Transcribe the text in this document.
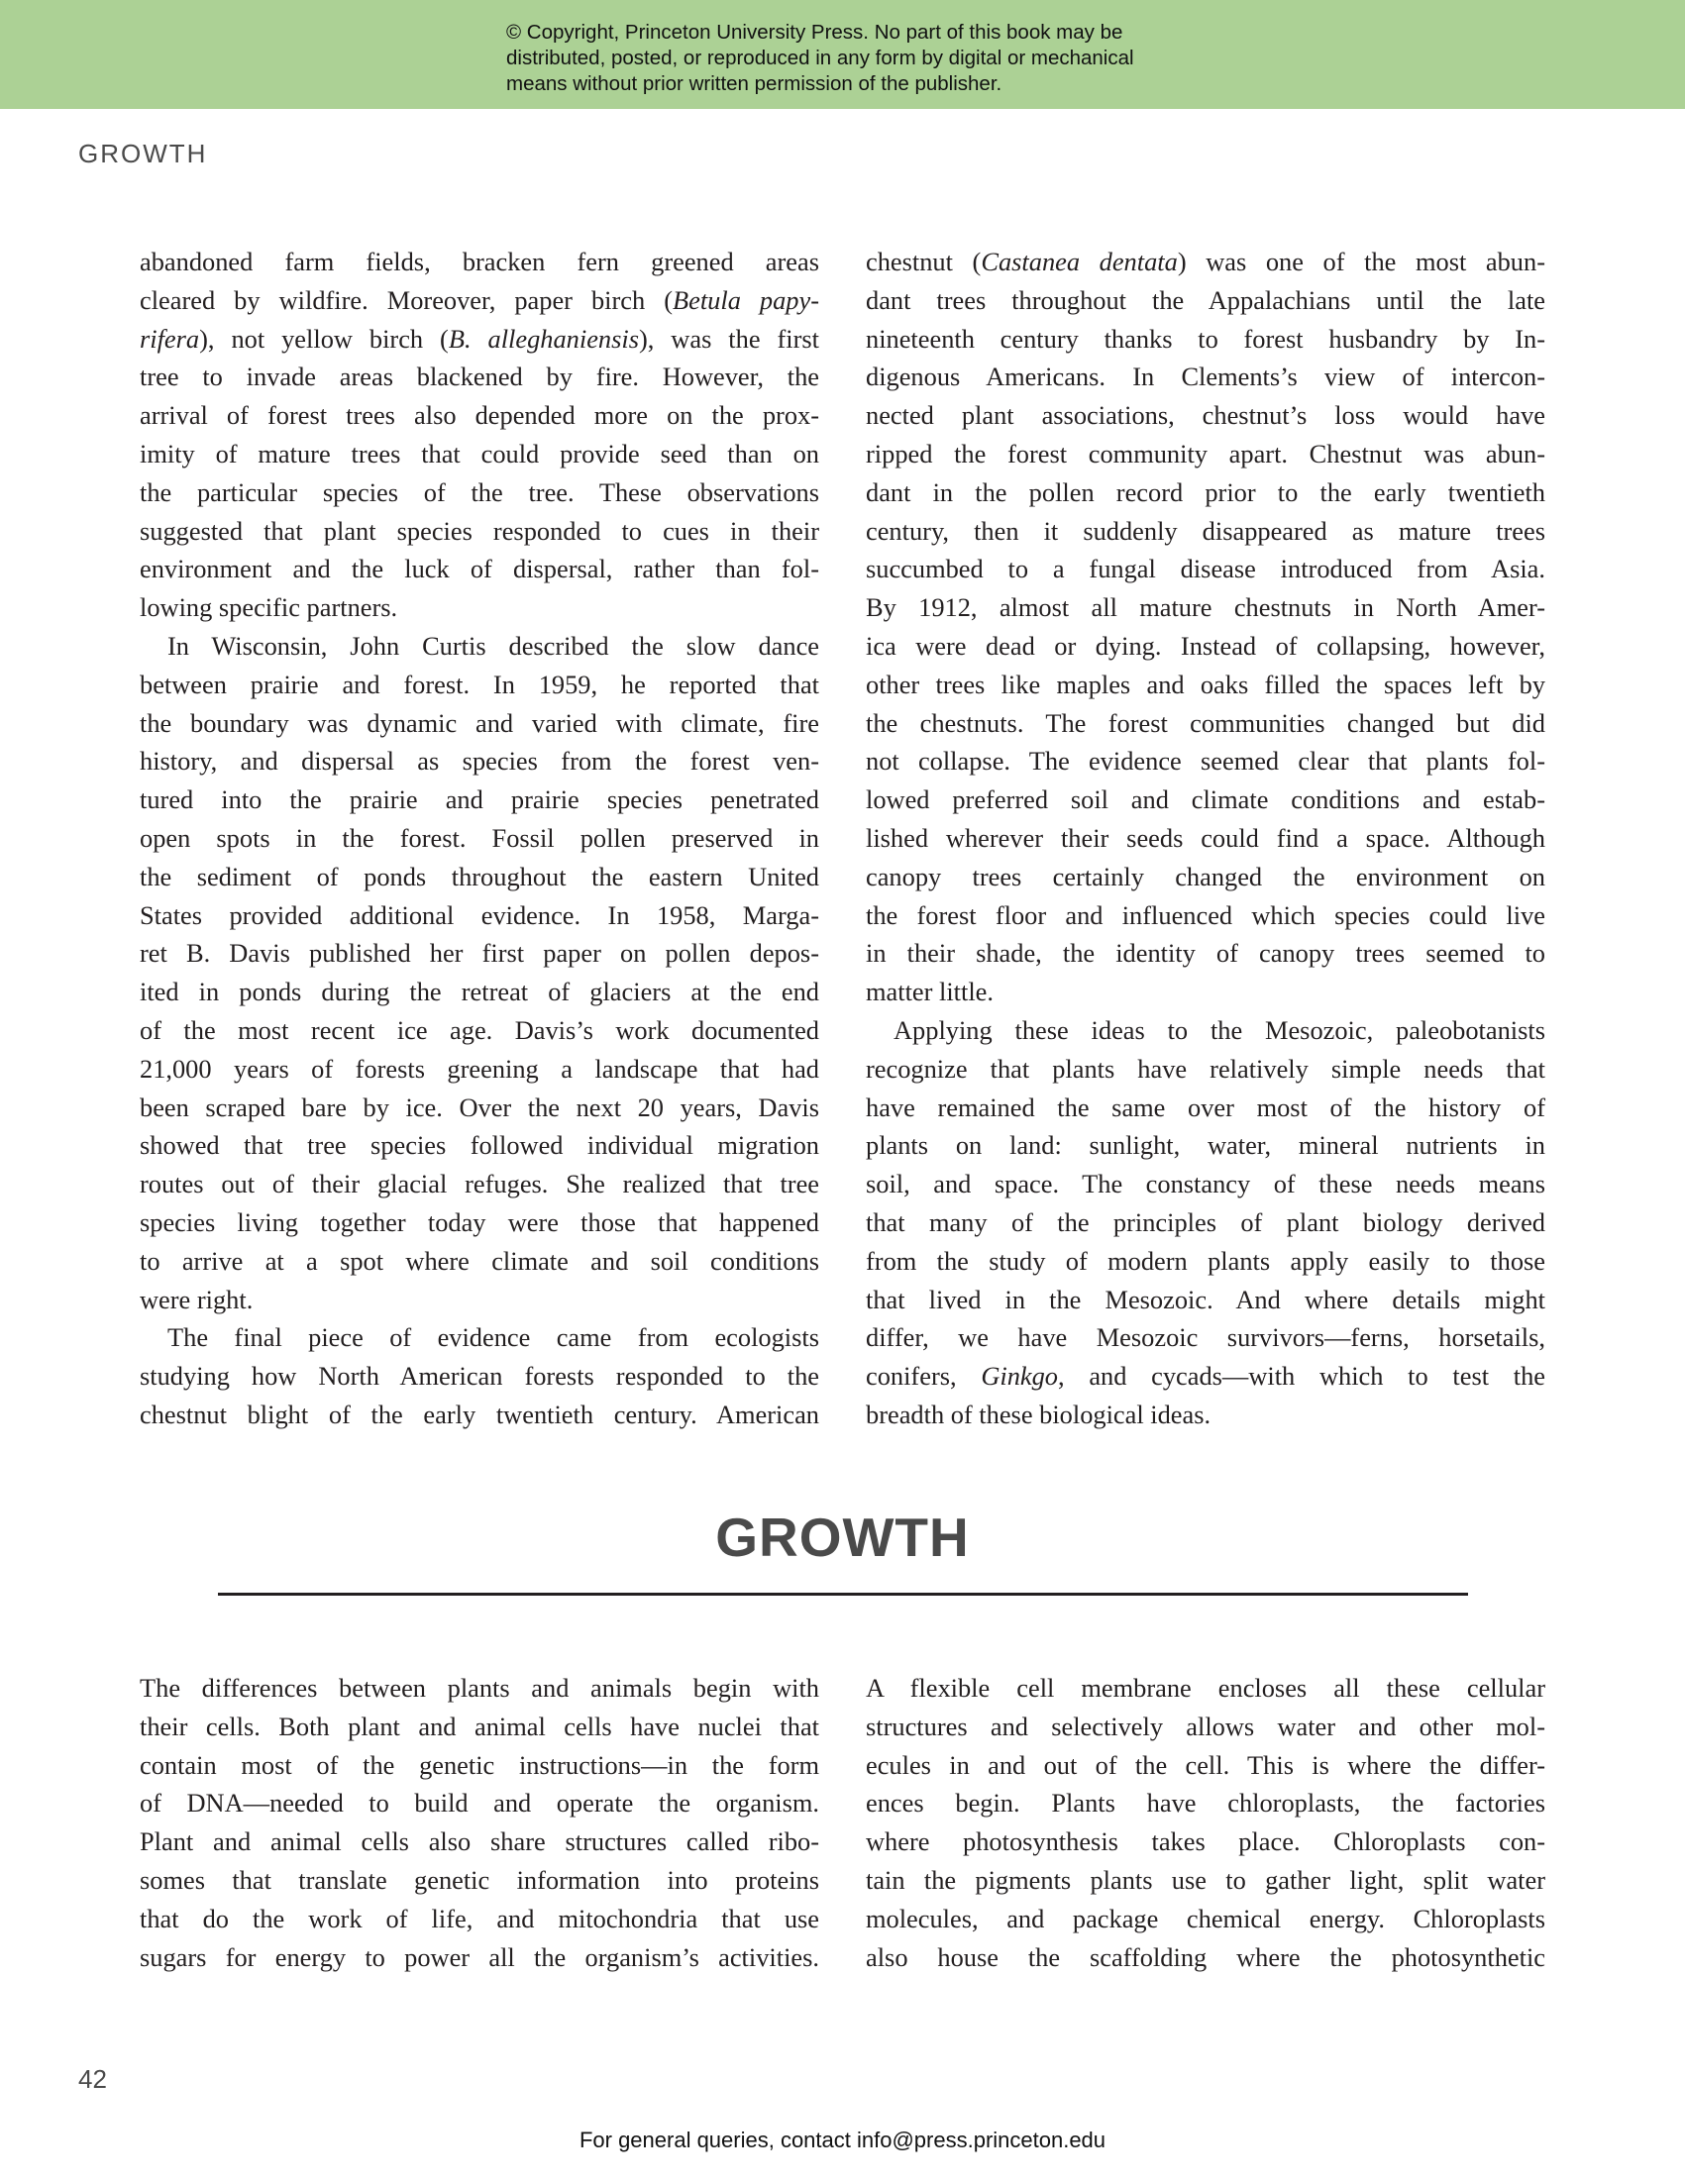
© Copyright, Princeton University Press. No part of this book may be
distributed, posted, or reproduced in any form by digital or mechanical
means without prior written permission of the publisher.
GROWTH

abandoned farm fields, bracken fern greened areas
cleared by wildfire. Moreover, paper birch (Betula papy-
rifera), not yellow birch (B. alleghaniensis), was the first
tree to invade areas blackened by fire. However, the
arrival of forest trees also depended more on the prox-
imity of mature trees that could provide seed than on
the particular species of the tree. These observations
suggested that plant species responded to cues in their
environment and the luck of dispersal, rather than fol-
lowing specific partners.

In Wisconsin, John Curtis described the slow dance
between prairie and forest. In 1959, he reported that
the boundary was dynamic and varied with climate, fire
history, and dispersal as species from the forest ven-
tured into the prairie and prairie species penetrated
open spots in the forest. Fossil pollen preserved in
the sediment of ponds throughout the eastern United
States provided additional evidence. In 1958, Marga-
ret B. Davis published her first paper on pollen depos-
ited in ponds during the retreat of glaciers at the end
of the most recent ice age. Davis’s work documented
21,000 years of forests greening a landscape that had
been scraped bare by ice. Over the next 20 years, Davis
showed that tree species followed individual migration
routes out of their glacial refuges. She realized that tree
species living together today were those that happened
to arrive at a spot where climate and soil conditions
were right.

The final piece of evidence came from ecologists
studying how North American forests responded to the
chestnut blight of the early twentieth century. American

chestnut (Castanea dentata) was one of the most abun-
dant trees throughout the Appalachians until the late
nineteenth century thanks to forest husbandry by In-
digenous Americans. In Clements’s view of intercon-
nected plant associations, chestnut’s loss would have
ripped the forest community apart. Chestnut was abun-
dant in the pollen record prior to the early twentieth
century, then it suddenly disappeared as mature trees
succumbed to a fungal disease introduced from Asia.
By 1912, almost all mature chestnuts in North Amer-
ica were dead or dying. Instead of collapsing, however,
other trees like maples and oaks filled the spaces left by
the chestnuts. The forest communities changed but did
not collapse. The evidence seemed clear that plants fol-
lowed preferred soil and climate conditions and estab-
lished wherever their seeds could find a space. Although
canopy trees certainly changed the environment on
the forest floor and influenced which species could live
in their shade, the identity of canopy trees seemed to
matter little.

Applying these ideas to the Mesozoic, paleobotanists
recognize that plants have relatively simple needs that
have remained the same over most of the history of
plants on land: sunlight, water, mineral nutrients in
soil, and space. The constancy of these needs means
that many of the principles of plant biology derived
from the study of modern plants apply easily to those
that lived in the Mesozoic. And where details might
differ, we have Mesozoic survivors—ferns, horsetails,
conifers, Ginkgo, and cycads—with which to test the
breadth of these biological ideas.

GROWTH

The differences between plants and animals begin with
their cells. Both plant and animal cells have nuclei that
contain most of the genetic instructions—in the form
of DNA—needed to build and operate the organism.
Plant and animal cells also share structures called ribo-
somes that translate genetic information into proteins
that do the work of life, and mitochondria that use
sugars for energy to power all the organism’s activities.

A flexible cell membrane encloses all these cellular
structures and selectively allows water and other mol-
ecules in and out of the cell. This is where the differ-
ences begin. Plants have chloroplasts, the factories
where photosynthesis takes place. Chloroplasts con-
tain the pigments plants use to gather light, split water
molecules, and package chemical energy. Chloroplasts
also house the scaffolding where the photosynthetic

42
For general queries, contact info@press.princeton.edu
